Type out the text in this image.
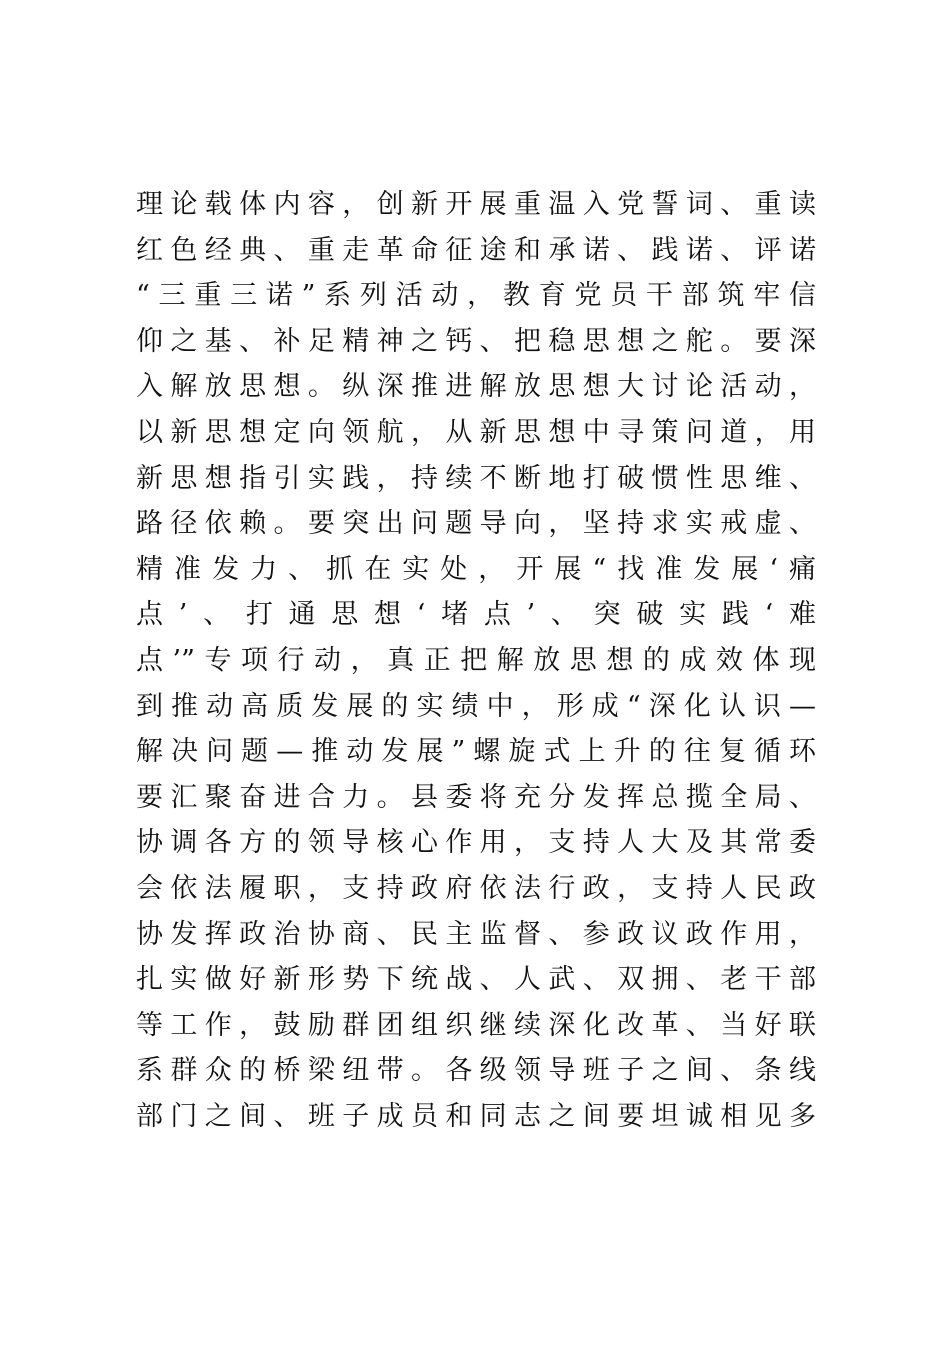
理论载体内容，创新开展重温入党誓词、重读
红色经典、重走革命征途和承诺、践诺、评诺
“三重三诺”系列活动，教育党员干部筑牢信
仰之基、补足精神之钙、把稳思想之舵。要深
入解放思想。纵深推进解放思想大讨论活动，
以新思想定向领航，从新思想中寻策问道，用
新思想指引实践，持续不断地打破惯性思维、
路径依赖。要突出问题导向，坚持求实戒虚、
精准发力、抓在实处，开展“找准发展‘痛
点’、打通思想‘堵点’、突破实践‘难
点’”专项行动，真正把解放思想的成效体现
到推动高质发展的实绩中，形成“深化认识—
解决问题—推动发展”螺旋式上升的往复循环
要汇聚奋进合力。县委将充分发挥总揽全局、
协调各方的领导核心作用，支持人大及其常委
会依法履职，支持政府依法行政，支持人民政
协发挥政治协商、民主监督、参政议政作用，
扎实做好新形势下统战、人武、双拥、老干部
等工作，鼓励群团组织继续深化改革、当好联
系群众的桥梁纽带。各级领导班子之间、条线
部门之间、班子成员和同志之间要坦诚相见多
